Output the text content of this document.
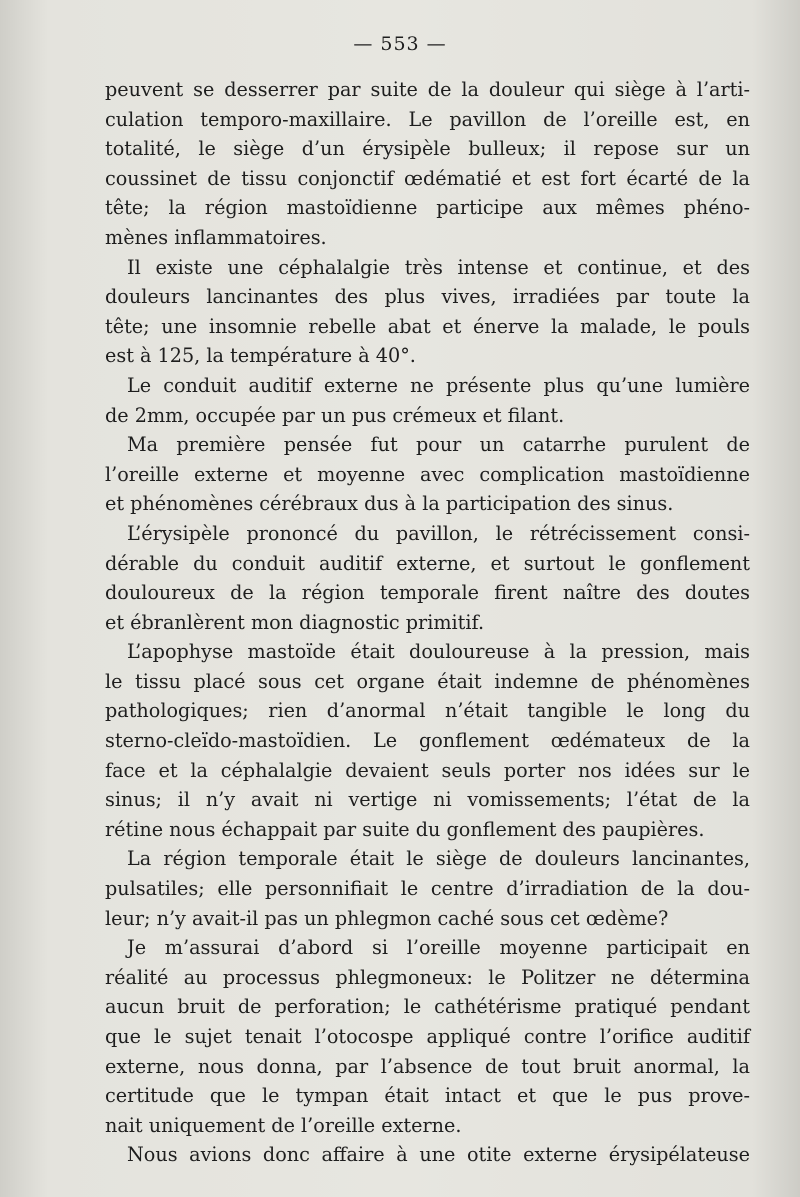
— 553 —

peuvent se desserrer par suite de la douleur qui siège à l’arti-
culation temporo-maxillaire. Le pavillon de l’oreille est, en
totalité, le siège d’un érysipèle bulleux; il repose sur un
coussinet de tissu conjonctif œdématié et est fort écarté de la
tête; la région mastoïdienne participe aux mêmes phéno-
mènes inflammatoires.
Il existe une céphalalgie très intense et continue, et des
douleurs lancinantes des plus vives, irradiées par toute la
tête; une insomnie rebelle abat et énerve la malade, le pouls
est à 125, la température à 40°.
Le conduit auditif externe ne présente plus qu’une lumière
de 2mm, occupée par un pus crémeux et filant.
Ma première pensée fut pour un catarrhe purulent de
l’oreille externe et moyenne avec complication mastoïdienne
et phénomènes cérébraux dus à la participation des sinus.
L’érysipèle prononcé du pavillon, le rétrécissement consi-
dérable du conduit auditif externe, et surtout le gonflement
douloureux de la région temporale firent naître des doutes
et ébranlèrent mon diagnostic primitif.
L’apophyse mastoïde était douloureuse à la pression, mais
le tissu placé sous cet organe était indemne de phénomènes
pathologiques; rien d’anormal n’était tangible le long du
sterno-cleïdo-mastoïdien. Le gonflement œdémateux de la
face et la céphalalgie devaient seuls porter nos idées sur le
sinus; il n’y avait ni vertige ni vomissements; l’état de la
rétine nous échappait par suite du gonflement des paupières.
La région temporale était le siège de douleurs lancinantes,
pulsatiles; elle personnifiait le centre d’irradiation de la dou-
leur; n’y avait-il pas un phlegmon caché sous cet œdème?
Je m’assurai d’abord si l’oreille moyenne participait en
réalité au processus phlegmoneux: le Politzer ne détermina
aucun bruit de perforation; le cathétérisme pratiqué pendant
que le sujet tenait l’otocospe appliqué contre l’orifice auditif
externe, nous donna, par l’absence de tout bruit anormal, la
certitude que le tympan était intact et que le pus prove-
nait uniquement de l’oreille externe.
Nous avions donc affaire à une otite externe érysipélateuse
